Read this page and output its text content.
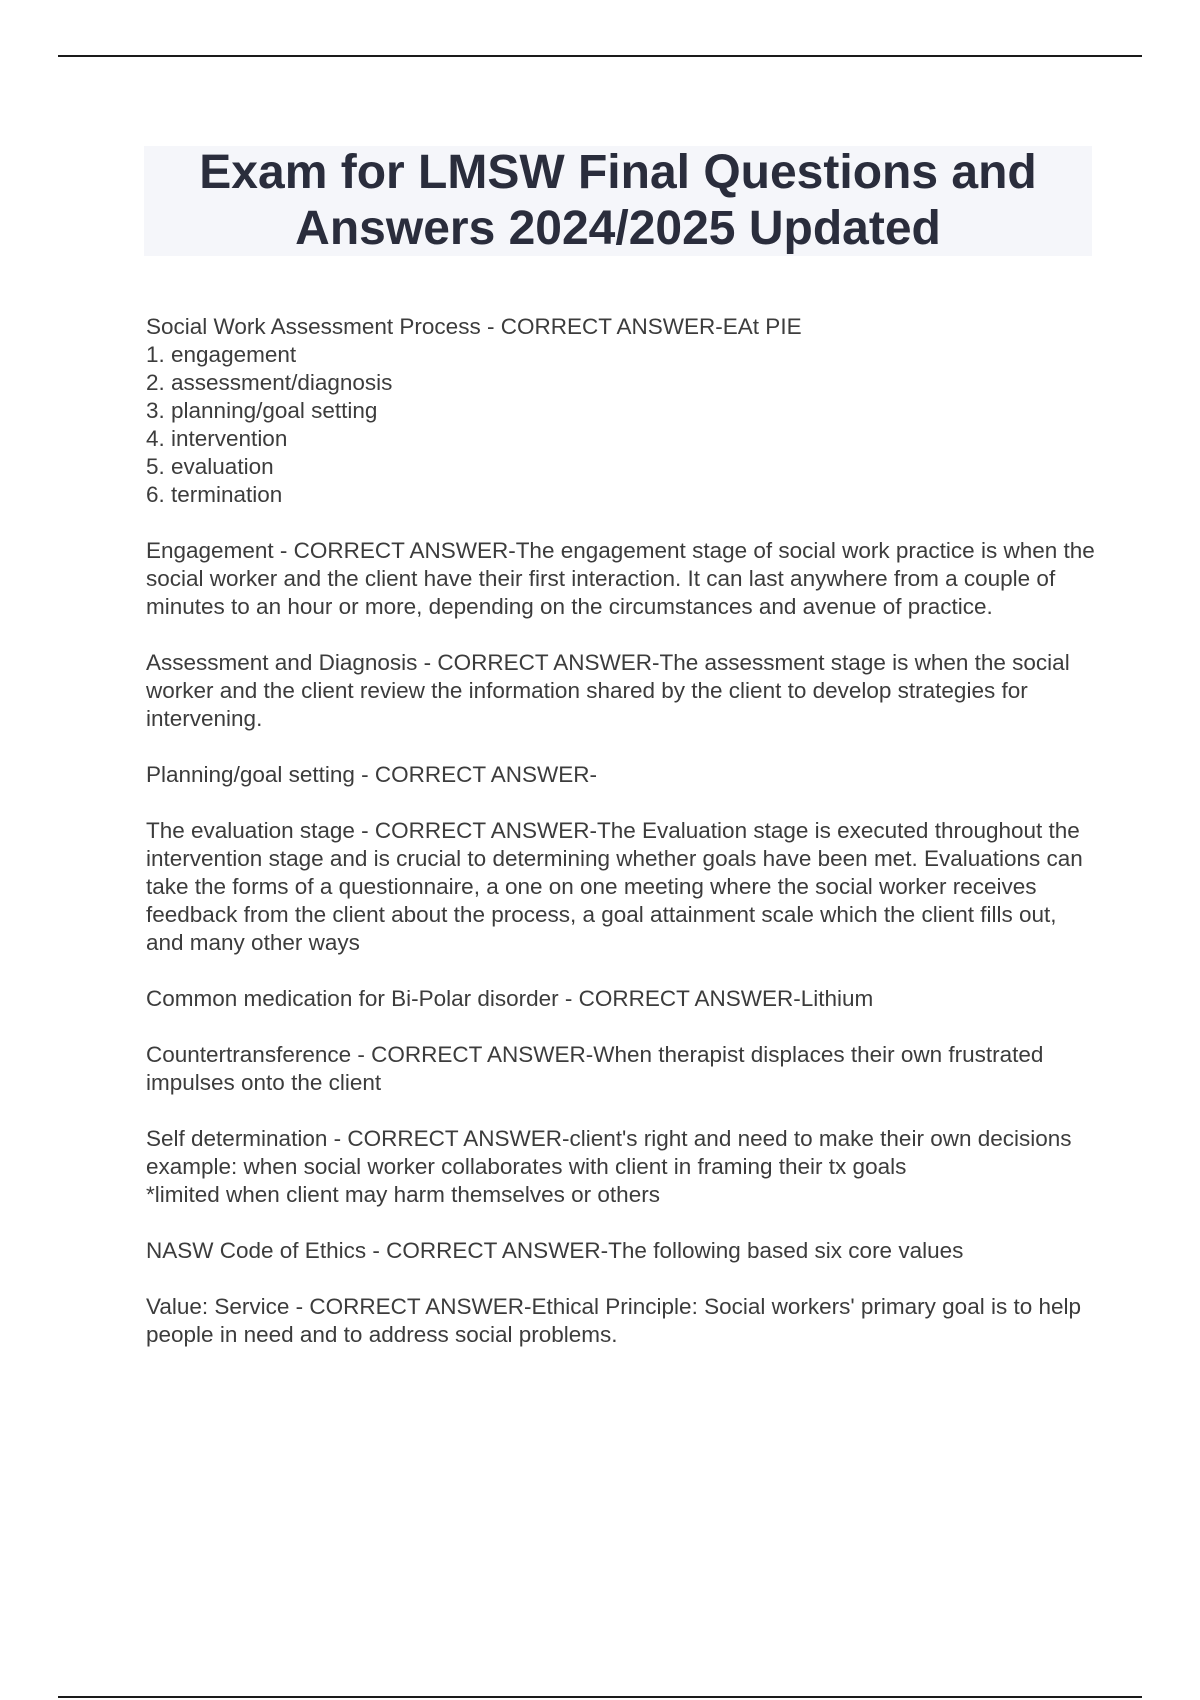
Exam for LMSW Final Questions and Answers 2024/2025 Updated

Social Work Assessment Process - CORRECT ANSWER-EAt PIE
1. engagement
2. assessment/diagnosis
3. planning/goal setting
4. intervention
5. evaluation
6. termination

Engagement - CORRECT ANSWER-The engagement stage of social work practice is when the social worker and the client have their first interaction. It can last anywhere from a couple of minutes to an hour or more, depending on the circumstances and avenue of practice.

Assessment and Diagnosis - CORRECT ANSWER-The assessment stage is when the social worker and the client review the information shared by the client to develop strategies for intervening.

Planning/goal setting - CORRECT ANSWER-

The evaluation stage - CORRECT ANSWER-The Evaluation stage is executed throughout the intervention stage and is crucial to determining whether goals have been met. Evaluations can take the forms of a questionnaire, a one on one meeting where the social worker receives feedback from the client about the process, a goal attainment scale which the client fills out, and many other ways

Common medication for Bi-Polar disorder - CORRECT ANSWER-Lithium

Countertransference - CORRECT ANSWER-When therapist displaces their own frustrated impulses onto the client

Self determination - CORRECT ANSWER-client's right and need to make their own decisions
example: when social worker collaborates with client in framing their tx goals
*limited when client may harm themselves or others

NASW Code of Ethics - CORRECT ANSWER-The following based six core values

Value: Service - CORRECT ANSWER-Ethical Principle: Social workers' primary goal is to help people in need and to address social problems.
